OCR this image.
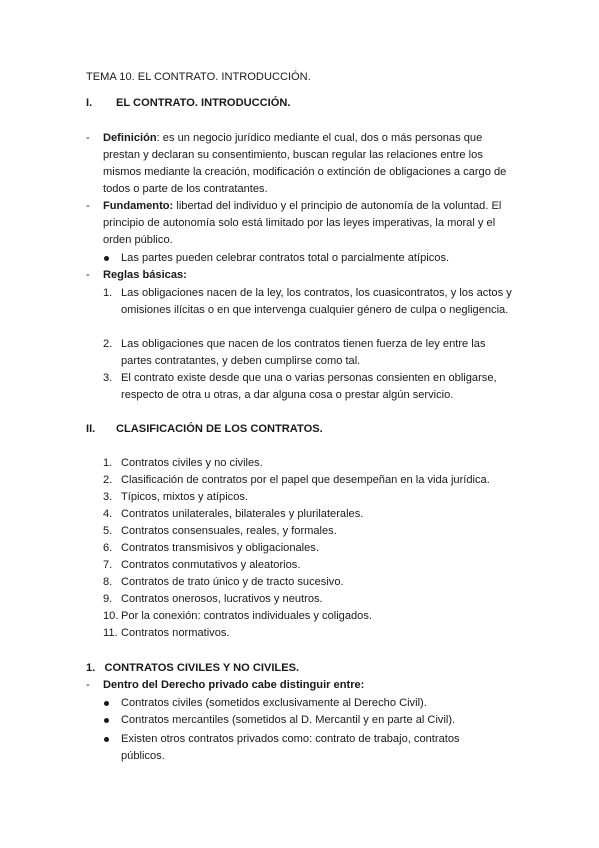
TEMA 10. EL CONTRATO. INTRODUCCIÓN.
I. EL CONTRATO. INTRODUCCIÓN.
- Definición: es un negocio jurídico mediante el cual, dos o más personas que prestan y declaran su consentimiento, buscan regular las relaciones entre los mismos mediante la creación, modificación o extinción de obligaciones a cargo de todos o parte de los contratantes.
- Fundamento: libertad del individuo y el principio de autonomía de la voluntad. El principio de autonomía solo está limitado por las leyes imperativas, la moral y el orden público.
Las partes pueden celebrar contratos total o parcialmente atípicos.
- Reglas básicas:
1. Las obligaciones nacen de la ley, los contratos, los cuasicontratos, y los actos y omisiones ilícitas o en que intervenga cualquier género de culpa o negligencia.
2. Las obligaciones que nacen de los contratos tienen fuerza de ley entre las partes contratantes, y deben cumplirse como tal.
3. El contrato existe desde que una o varias personas consienten en obligarse, respecto de otra u otras, a dar alguna cosa o prestar algún servicio.
II. CLASIFICACIÓN DE LOS CONTRATOS.
1. Contratos civiles y no civiles.
2. Clasificación de contratos por el papel que desempeñan en la vida jurídica.
3. Típicos, mixtos y atípicos.
4. Contratos unilaterales, bilaterales y plurilaterales.
5. Contratos consensuales, reales, y formales.
6. Contratos transmisivos y obligacionales.
7. Contratos conmutativos y aleatorios.
8. Contratos de trato único y de tracto sucesivo.
9. Contratos onerosos, lucrativos y neutros.
10. Por la conexión: contratos individuales y coligados.
11. Contratos normativos.
1.   CONTRATOS CIVILES Y NO CIVILES.
- Dentro del Derecho privado cabe distinguir entre:
Contratos civiles (sometidos exclusivamente al Derecho Civil).
Contratos mercantiles (sometidos al D. Mercantil y en parte al Civil).
Existen otros contratos privados como: contrato de trabajo, contratos públicos.
